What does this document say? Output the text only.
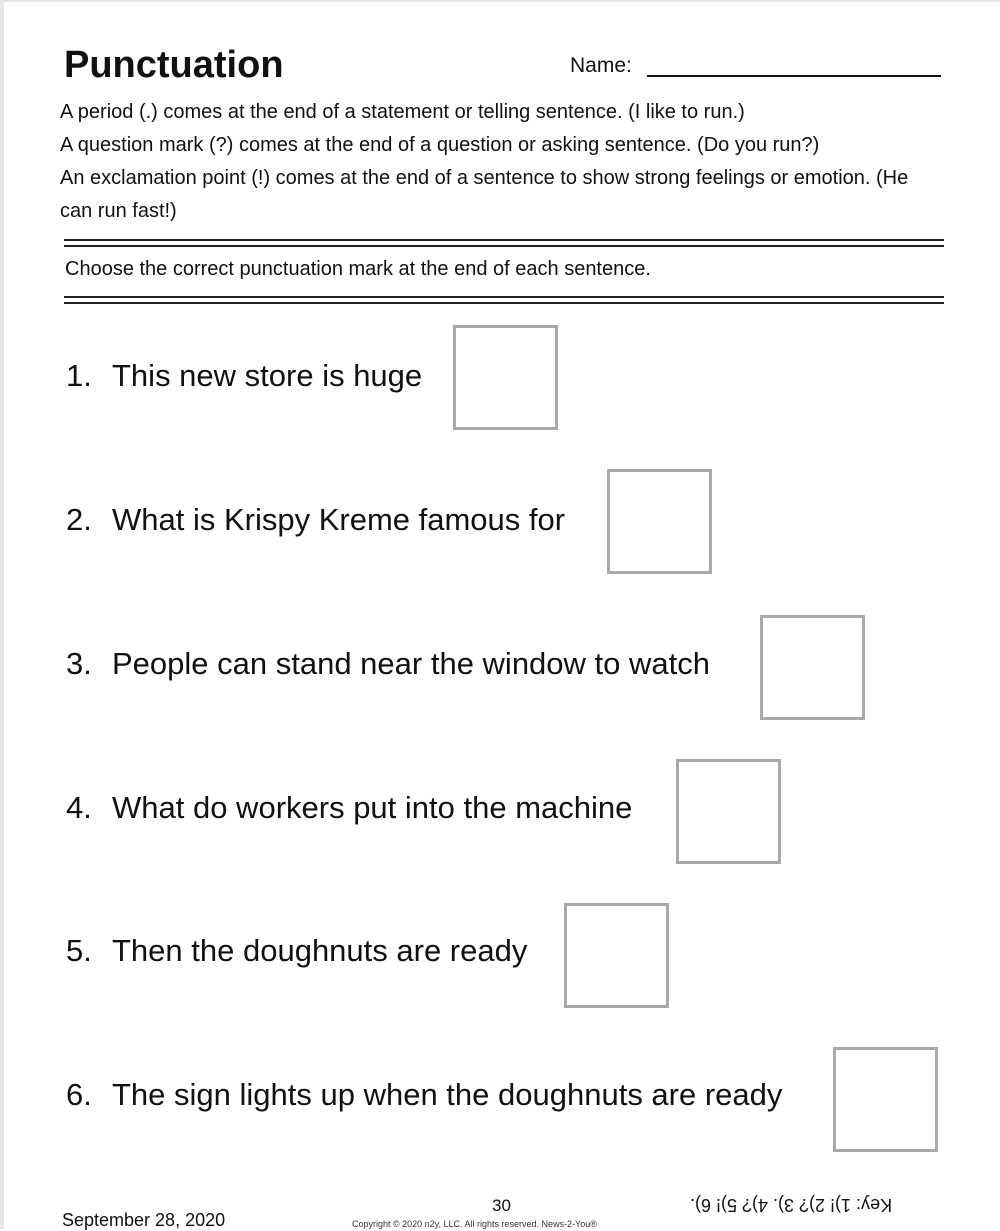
Punctuation	Name:

A period (.) comes at the end of a statement or telling sentence. (I like to run.)

A question mark (?) comes at the end of a question or asking sentence. (Do you run?)

An exclamation point (!) comes at the end of a sentence to show strong feelings or emotion. (He can run fast!)

Choose the correct punctuation mark at the end of each sentence.
1. This new store is huge
2. What is Krispy Kreme famous for
3. People can stand near the window to watch
4. What do workers put into the machine
5. Then the doughnuts are ready
6. The sign lights up when the doughnuts are ready
September 28, 2020
30
Copyright © 2020 n2y, LLC. All rights reserved. News-2-You®
Key: 1)! 2)? 3). 4)? 5)! 6).
